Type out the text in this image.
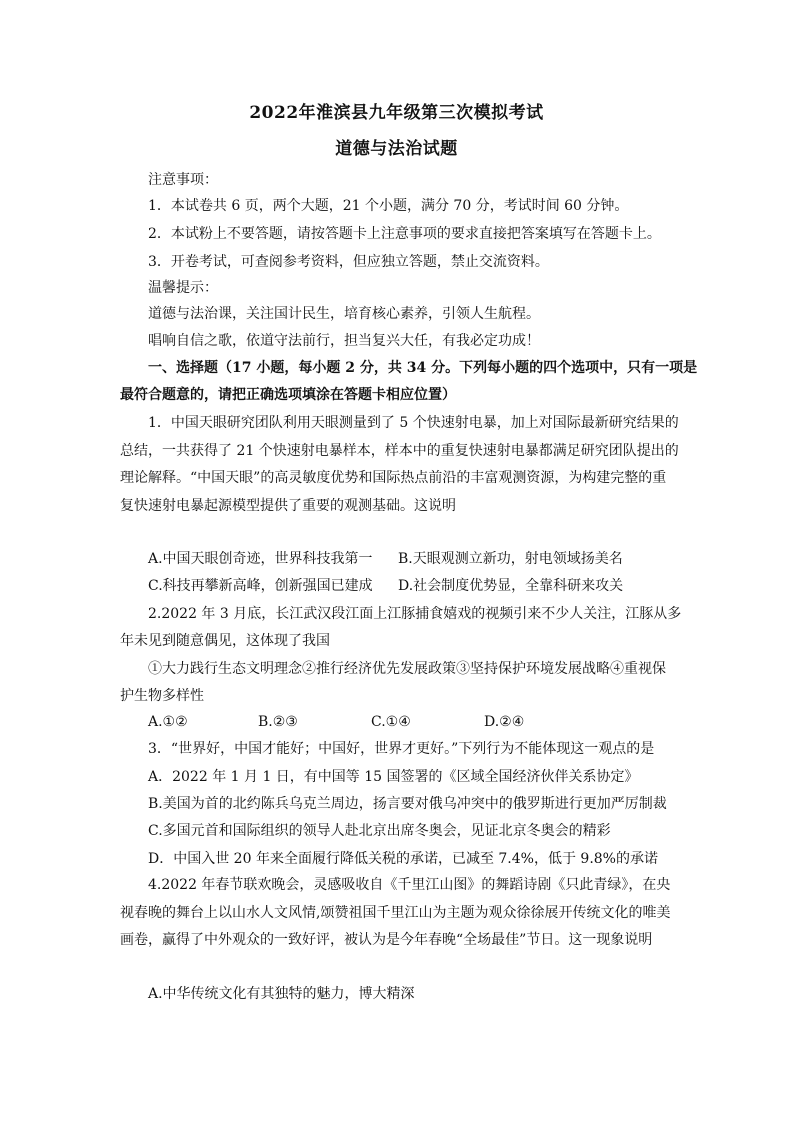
2022年淮滨县九年级第三次模拟考试
道德与法治试题
注意事项：
1．本试卷共 6 页，两个大题，21 个小题，满分 70 分，考试时间 60 分钟。
2．本试粉上不要答题，请按答题卡上注意事项的要求直接把答案填写在答题卡上。
3．开卷考试，可查阅参考资料，但应独立答题，禁止交流资料。
温馨提示：
道德与法治课，关注国计民生，培育核心素养，引领人生航程。
唱响自信之歌，依道守法前行，担当复兴大任，有我必定功成！
一、选择题（17 小题，每小题 2 分，共 34 分。下列每小题的四个选项中，只有一项是
最符合题意的，请把正确选项填涂在答题卡相应位置）
1．中国天眼研究团队利用天眼测量到了 5 个快速射电暴，加上对国际最新研究结果的
总结，一共获得了 21 个快速射电暴样本，样本中的重复快速射电暴都满足研究团队提出的
理论解释。“中国天眼”的高灵敏度优势和国际热点前沿的丰富观测资源，为构建完整的重
复快速射电暴起源模型提供了重要的观测基础。这说明
A.中国天眼创奇迹，世界科技我第一 B.天眼观测立新功，射电领域扬美名
C.科技再攀新高峰，创新强国已建成 D.社会制度优势显，全靠科研来攻关
2.2022 年 3 月底，长江武汉段江面上江豚捕食嬉戏的视频引来不少人关注，江豚从多
年未见到随意偶见，这体现了我国
①大力践行生态文明理念②推行经济优先发展政策③坚持保护环境发展战略④重视保
护生物多样性
A.①②	B.②③	C.①④	D.②④
3．“世界好，中国才能好；中国好，世界才更好。”下列行为不能体现这一观点的是
A．2022 年 1 月 1 日，有中国等 15 国签署的《区域全国经济伙伴关系协定》
B.美国为首的北约陈兵乌克兰周边，扬言要对俄乌冲突中的俄罗斯进行更加严厉制裁
C.多国元首和国际组织的领导人赴北京出席冬奥会，见证北京冬奥会的精彩
D．中国入世 20 年来全面履行降低关税的承诺，已减至 7.4%，低于 9.8%的承诺
4.2022 年春节联欢晚会，灵感吸收自《千里江山图》的舞蹈诗剧《只此青绿》，在央
视春晚的舞台上以山水人文风情,颂赞祖国千里江山为主题为观众徐徐展开传统文化的唯美
画卷，赢得了中外观众的一致好评，被认为是今年春晚“全场最佳”节日。这一现象说明
A.中华传统文化有其独特的魅力，博大精深
